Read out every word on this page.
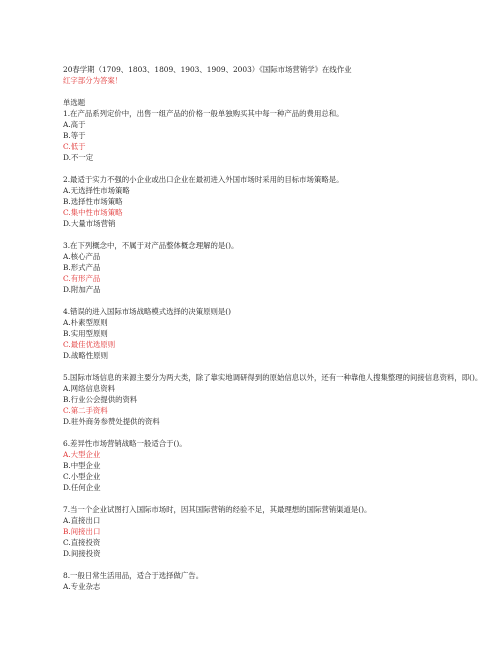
20春学期（1709、1803、1809、1903、1909、2003）《国际市场营销学》在线作业

红字部分为答案！

单选题

1.在产品系列定价中，出售一组产品的价格一般单独购买其中每一种产品的费用总和。

A.高于

B.等于

C.低于

D.不一定

2.最适于实力不强的小企业或出口企业在最初进入外国市场时采用的目标市场策略是。

A.无选择性市场策略

B.选择性市场策略

C.集中性市场策略

D.大量市场营销

3.在下列概念中，不属于对产品整体概念理解的是()。

A.核心产品

B.形式产品

C.有形产品

D.附加产品

4.错误的进入国际市场战略模式选择的决策原则是()

A.朴素型原则

B.实用型原则

C.最佳优选原则

D.战略性原则

5.国际市场信息的来源主要分为两大类，除了靠实地调研得到的原始信息以外，还有一种靠他人搜集整理的间接信息资料，即()。

A.网络信息资料

B.行业公会提供的资料

C.第二手资料

D.驻外商务参赞处提供的资料

6.差异性市场营销战略一般适合于()。

A.大型企业

B.中型企业

C.小型企业

D.任何企业

7.当一个企业试图打入国际市场时，因其国际营销的经验不足，其最理想的国际营销渠道是()。

A.直接出口

B.间接出口

C.直接投资

D.间接投资

8.一般日常生活用品，适合于选择做广告。

A.专业杂志
